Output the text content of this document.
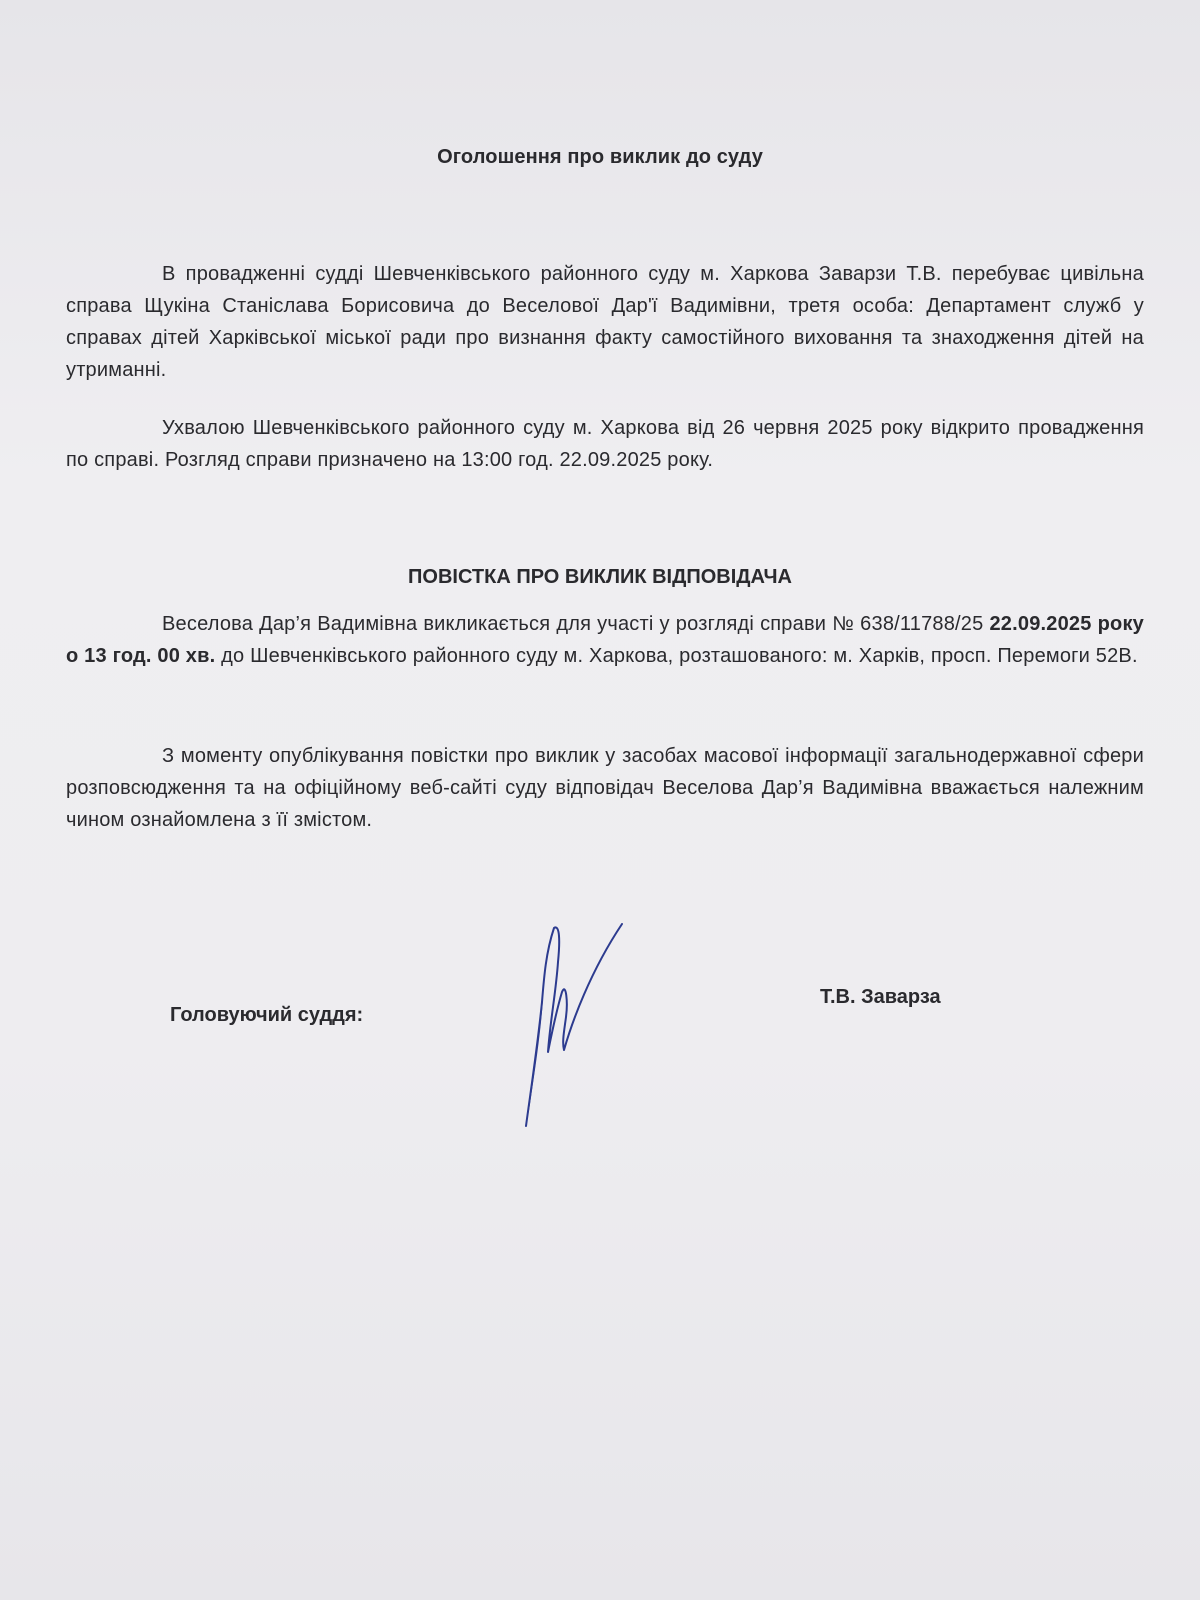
Оголошення про виклик до суду
В провадженні судді Шевченківського районного суду м. Харкова Заварзи Т.В. перебуває цивільна справа Щукіна Станіслава Борисовича до Веселової Дар'ї Вадимівни, третя особа: Департамент служб у справах дітей Харківської міської ради про визнання факту самостійного виховання та знаходження дітей на утриманні.
Ухвалою Шевченківського районного суду м. Харкова від 26 червня 2025 року відкрито провадження по справі. Розгляд справи призначено на 13:00 год. 22.09.2025 року.
ПОВІСТКА ПРО ВИКЛИК ВІДПОВІДАЧА
Веселова Дар’я Вадимівна викликається для участі у розгляді справи № 638/11788/25 22.09.2025 року о 13 год. 00 хв. до Шевченківського районного суду м. Харкова, розташованого: м. Харків, просп. Перемоги 52В.
З моменту опублікування повістки про виклик у засобах масової інформації загальнодержавної сфери розповсюдження та на офіційному веб-сайті суду відповідач Веселова Дар’я Вадимівна вважається належним чином ознайомлена з її змістом.
Головуючий суддя:
Т.В. Заварза
